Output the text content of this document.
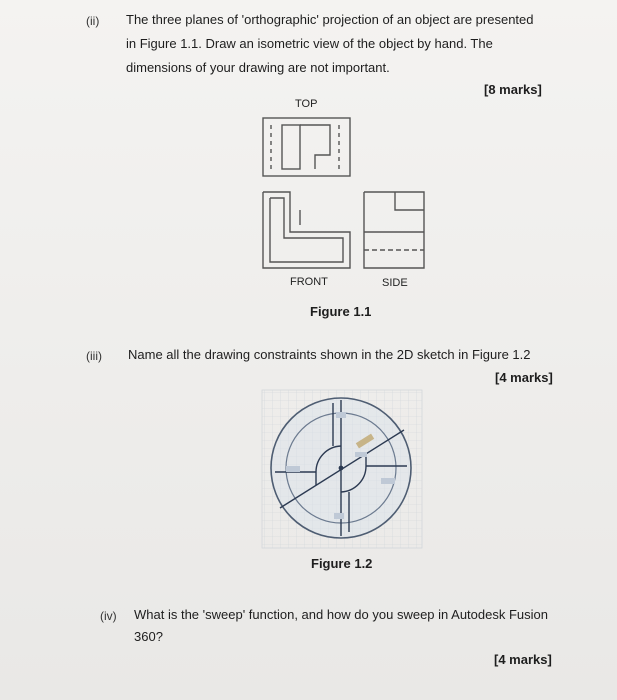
(ii) The three planes of 'orthographic' projection of an object are presented
in Figure 1.1. Draw an isometric view of the object by hand. The
dimensions of your drawing are not important.
[8 marks]
TOP
FRONT	SIDE
Figure 1.1
(iii) Name all the drawing constraints shown in the 2D sketch in Figure 1.2
[4 marks]
Figure 1.2
(iv) What is the 'sweep' function, and how do you sweep in Autodesk Fusion
360?
[4 marks]
